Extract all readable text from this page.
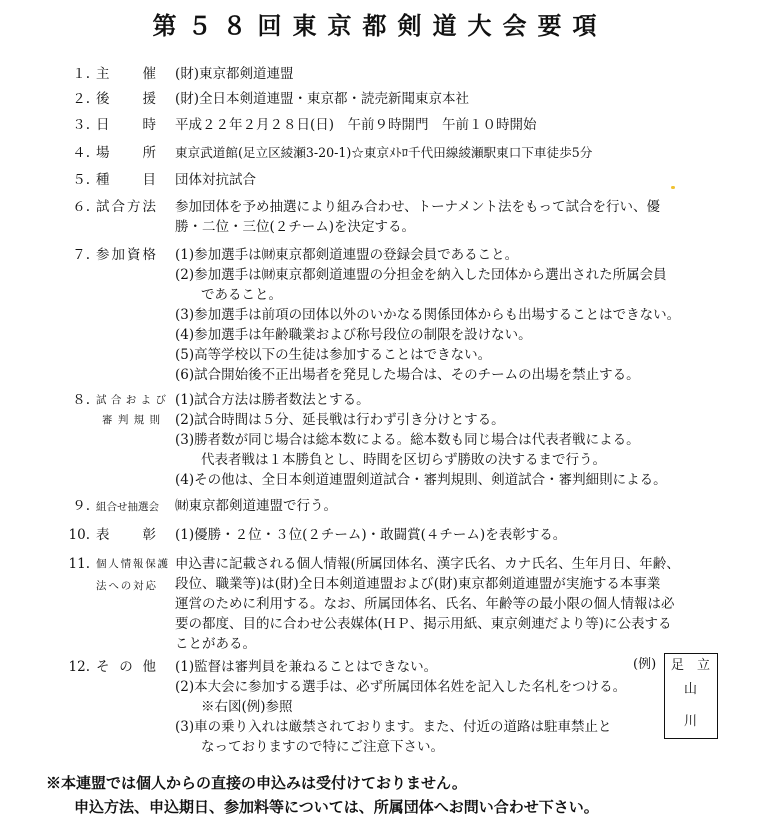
第５８回東京都剣道大会要項
１. 主催 (財)東京都剣道連盟
２. 後援 (財)全日本剣道連盟・東京都・読売新聞東京本社
３. 日時 平成２２年２月２８日(日)　午前９時開門　午前１０時開始
４. 場所 東京武道館(足立区綾瀬3-20-1)☆東京ﾒﾄﾛ千代田線綾瀬駅東口下車徒歩5分
５. 種目 団体対抗試合
６. 試合方法 参加団体を予め抽選により組み合わせ、トーナメント法をもって試合を行い、優
勝・二位・三位(２チーム)を決定する。
７. 参加資格 (1)参加選手は㈶東京都剣道連盟の登録会員であること。
(2)参加選手は㈶東京都剣道連盟の分担金を納入した団体から選出された所属会員
であること。
(3)参加選手は前項の団体以外のいかなる関係団体からも出場することはできない。
(4)参加選手は年齢職業および称号段位の制限を設けない。
(5)高等学校以下の生徒は参加することはできない。
(6)試合開始後不正出場者を発見した場合は、そのチームの出場を禁止する。
８. 試合および
審判規則
(1)試合方法は勝者数法とする。
(2)試合時間は５分、延長戦は行わず引き分けとする。
(3)勝者数が同じ場合は総本数による。総本数も同じ場合は代表者戦による。
代表者戦は１本勝負とし、時間を区切らず勝敗の決するまで行う。
(4)その他は、全日本剣道連盟剣道試合・審判規則、剣道試合・審判細則による。
９. 組合せ抽選会	㈶東京都剣道連盟で行う。
10. 表彰 (1)優勝・２位・３位(２チーム)・敢闘賞(４チーム)を表彰する。
11. 個人情報保護
法への対応
申込書に記載される個人情報(所属団体名、漢字氏名、カナ氏名、生年月日、年齢、
段位、職業等)は(財)全日本剣道連盟および(財)東京都剣道連盟が実施する本事業
運営のために利用する。なお、所属団体名、氏名、年齢等の最小限の個人情報は必
要の都度、目的に合わせ公表媒体(ＨＰ、掲示用紙、東京剣連だより等)に公表する
ことがある。
12. その他 (1)監督は審判員を兼ねることはできない。
(2)本大会に参加する選手は、必ず所属団体名姓を記入した名札をつける。
※右図(例)参照
(3)車の乗り入れは厳禁されております。また、付近の道路は駐車禁止と
なっておりますので特にご注意下さい。
(例) 足 立
山
川
※本連盟では個人からの直接の申込みは受付けておりません。
申込方法、申込期日、参加料等については、所属団体へお問い合わせ下さい。
